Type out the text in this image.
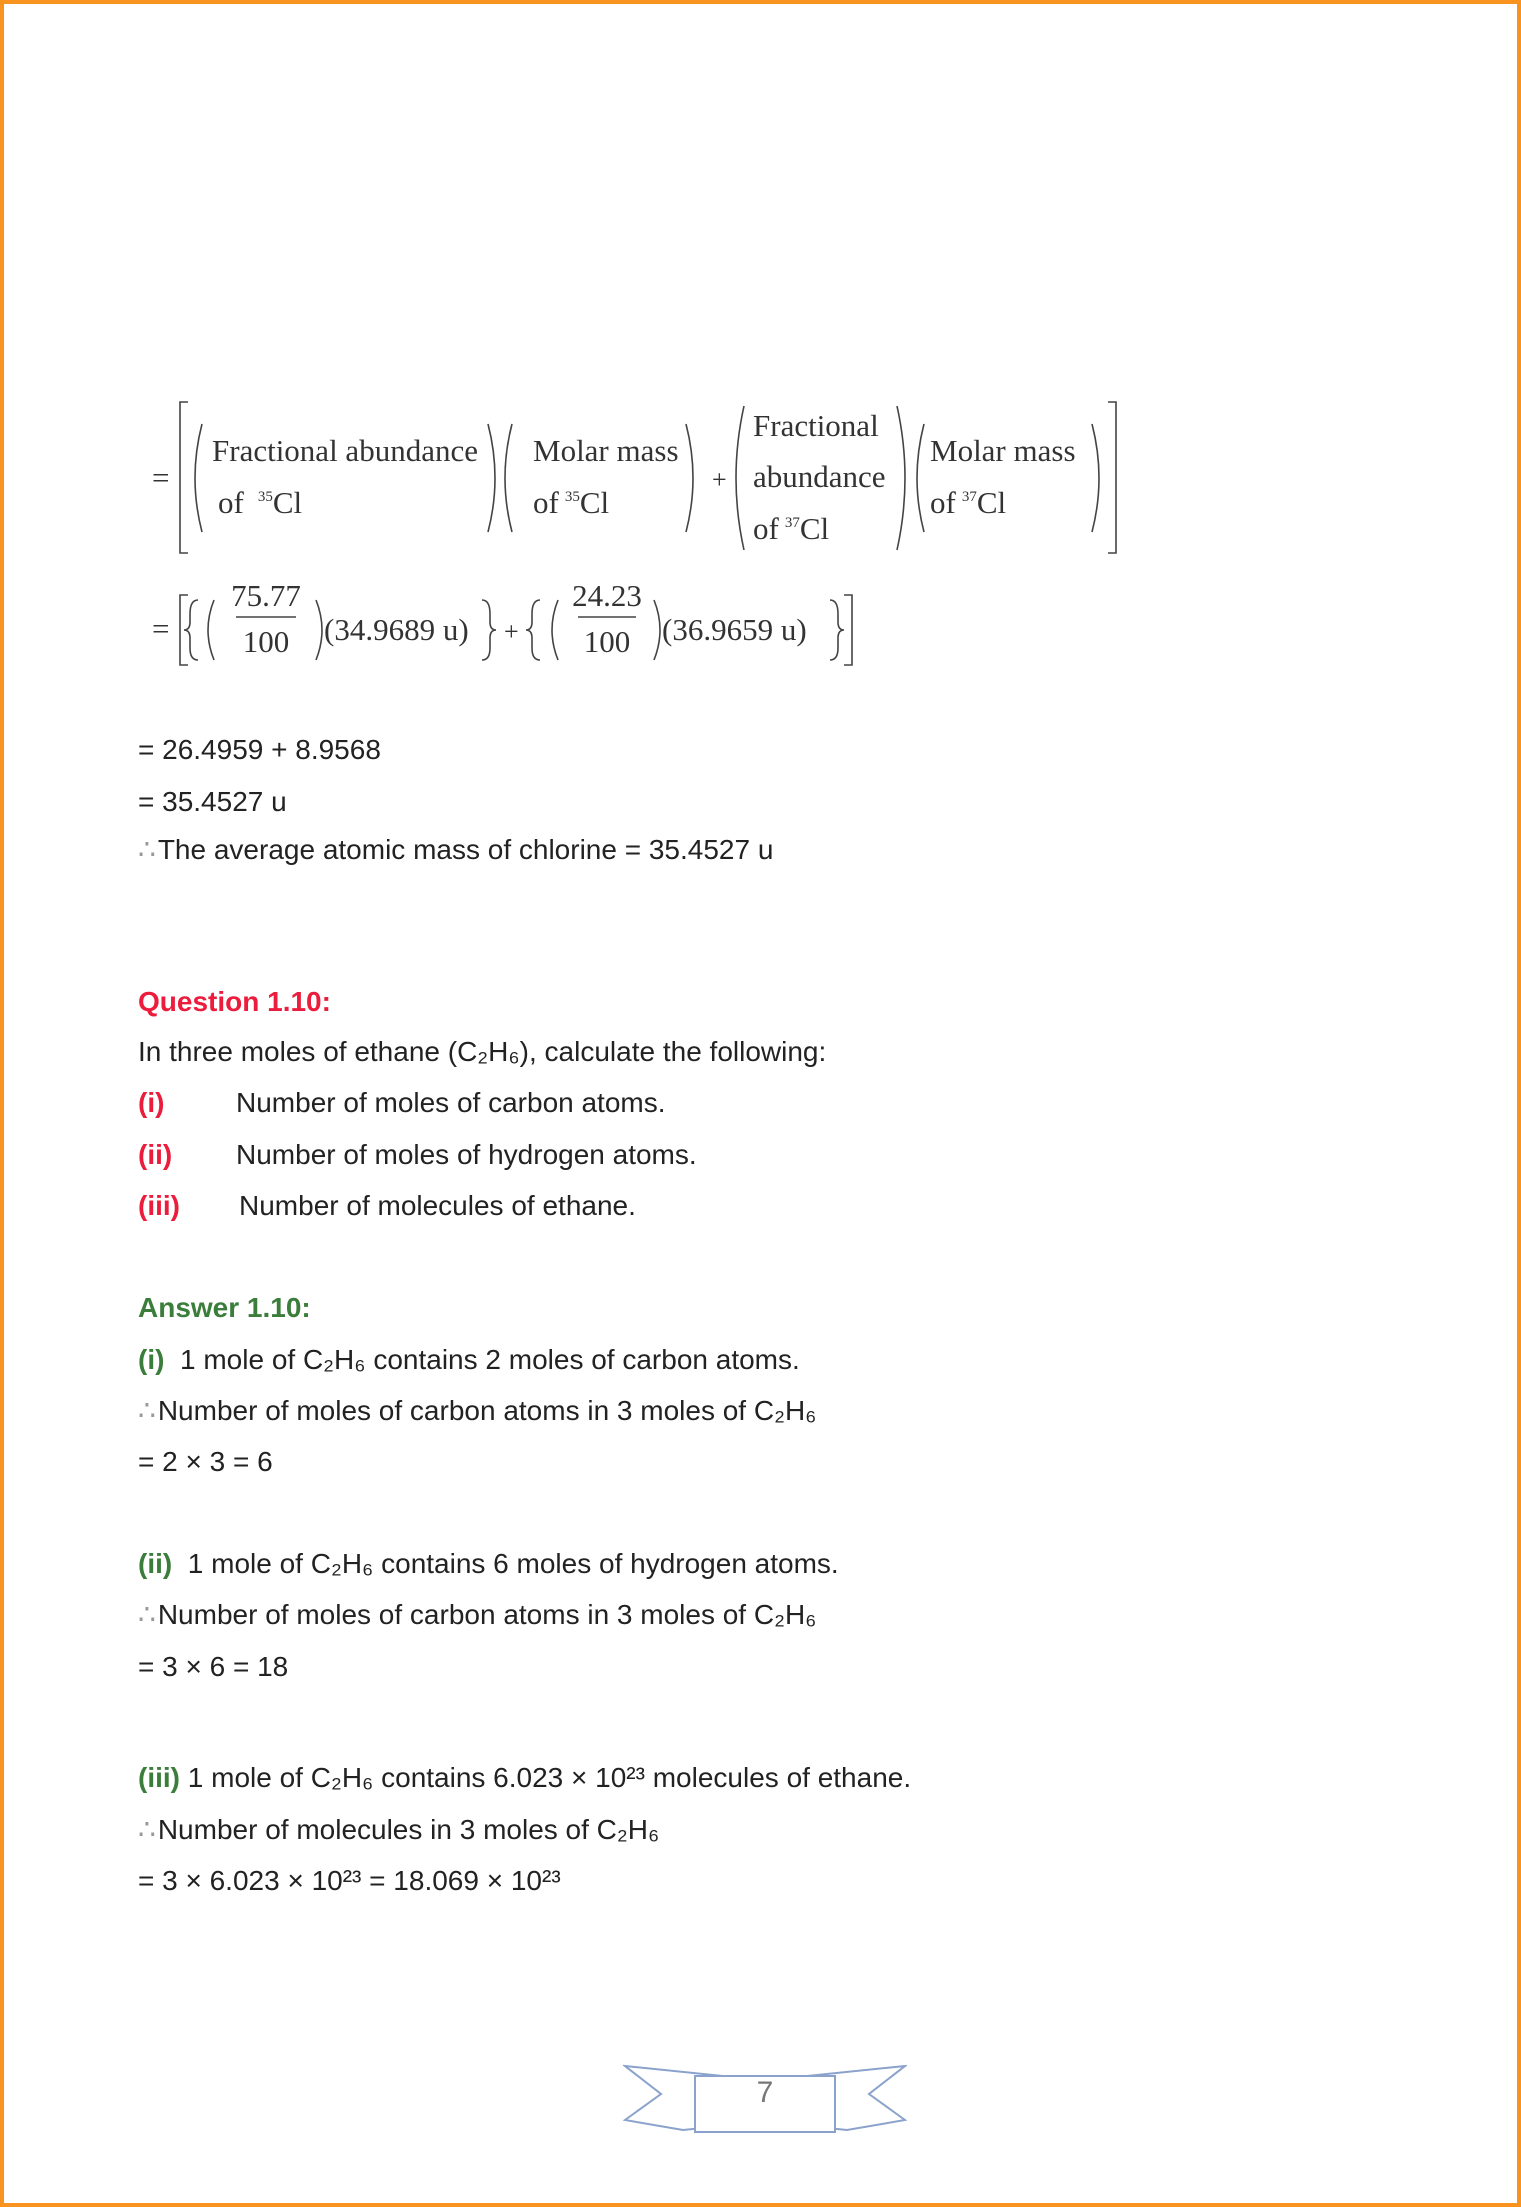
=
Fractional abundance
of $^{35}$Cl
Molar mass
of $^{35}$Cl
+
Fractional
abundance
of $^{37}$Cl
Molar mass
of $^{37}$Cl
=
75.77
100 (34.9689 u) +
24.23
100 (36.9659 u)
= 26.4959 + 8.9568
= 35.4527 u
∴The average atomic mass of chlorine = 35.4527 u
Question 1.10:
In three moles of ethane (C₂H₆), calculate the following:
(i)	Number of moles of carbon atoms.
(ii) Number of moles of hydrogen atoms.
(iii) Number of molecules of ethane.
Answer 1.10:
(i) 1 mole of C₂H₆ contains 2 moles of carbon atoms.
∴Number of moles of carbon atoms in 3 moles of C₂H₆
= 2 × 3 = 6
(ii) 1 mole of C₂H₆ contains 6 moles of hydrogen atoms.
∴Number of moles of carbon atoms in 3 moles of C₂H₆
= 3 × 6 = 18
(iii) 1 mole of C₂H₆ contains 6.023 × 10²³ molecules of ethane.
∴Number of molecules in 3 moles of C₂H₆
= 3 × 6.023 × 10²³ = 18.069 × 10²³
7
